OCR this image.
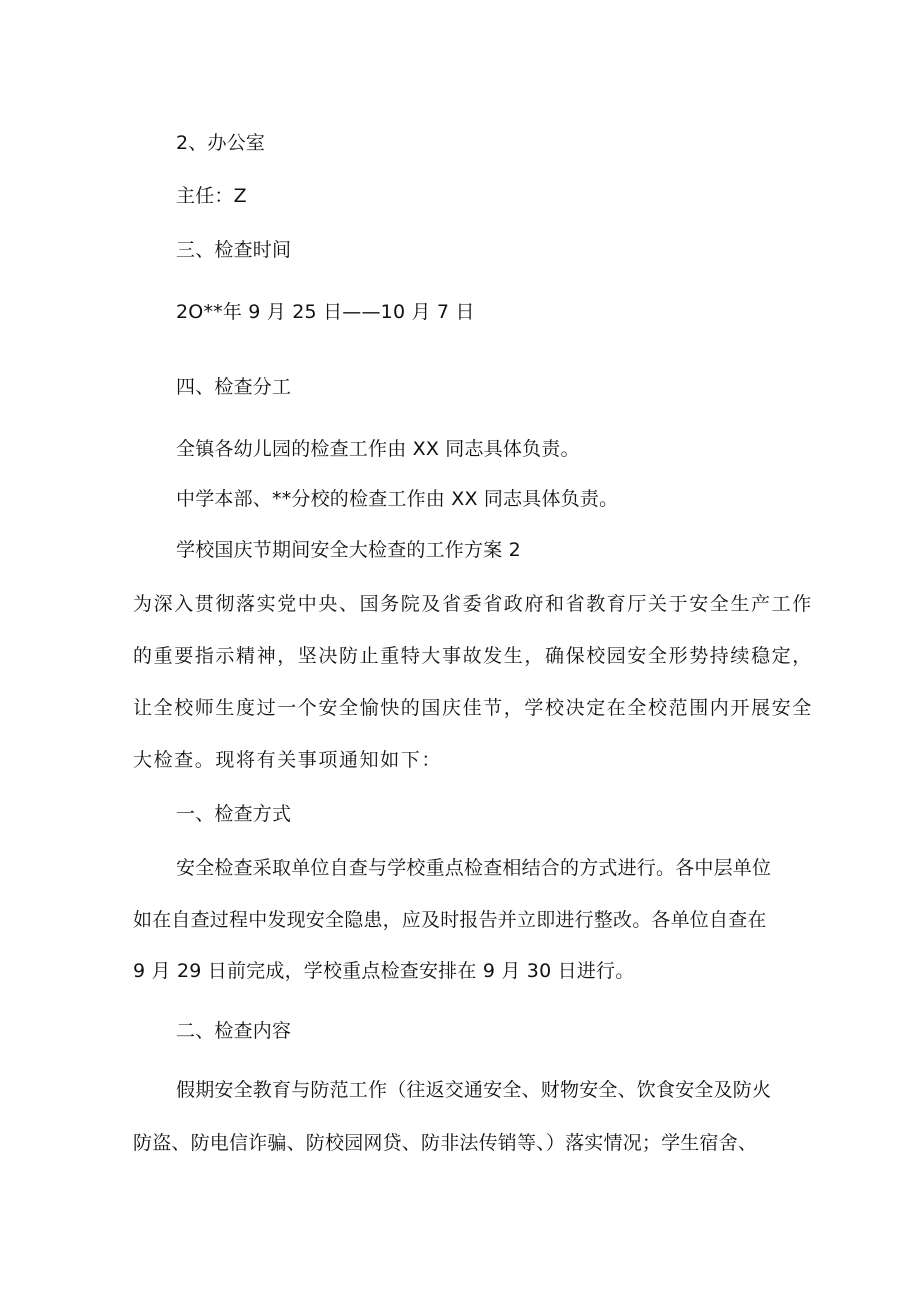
2、办公室
主任：Z
三、检查时间
2O**年 9 月 25 日——10 月 7 日
四、检查分工
全镇各幼儿园的检查工作由 XX 同志具体负责。
中学本部、**分校的检查工作由 XX 同志具体负责。
学校国庆节期间安全大检查的工作方案 2
为深入贯彻落实党中央、国务院及省委省政府和省教育厅关于安全生产工作
的重要指示精神，坚决防止重特大事故发生，确保校园安全形势持续稳定，
让全校师生度过一个安全愉快的国庆佳节，学校决定在全校范围内开展安全
大检查。现将有关事项通知如下：
一、检查方式
安全检查采取单位自查与学校重点检查相结合的方式进行。各中层单位
如在自查过程中发现安全隐患，应及时报告并立即进行整改。各单位自查在
9 月 29 日前完成，学校重点检查安排在 9 月 30 日进行。
二、检查内容
假期安全教育与防范工作（往返交通安全、财物安全、饮食安全及防火
防盗、防电信诈骗、防校园网贷、防非法传销等、）落实情况；学生宿舍、
